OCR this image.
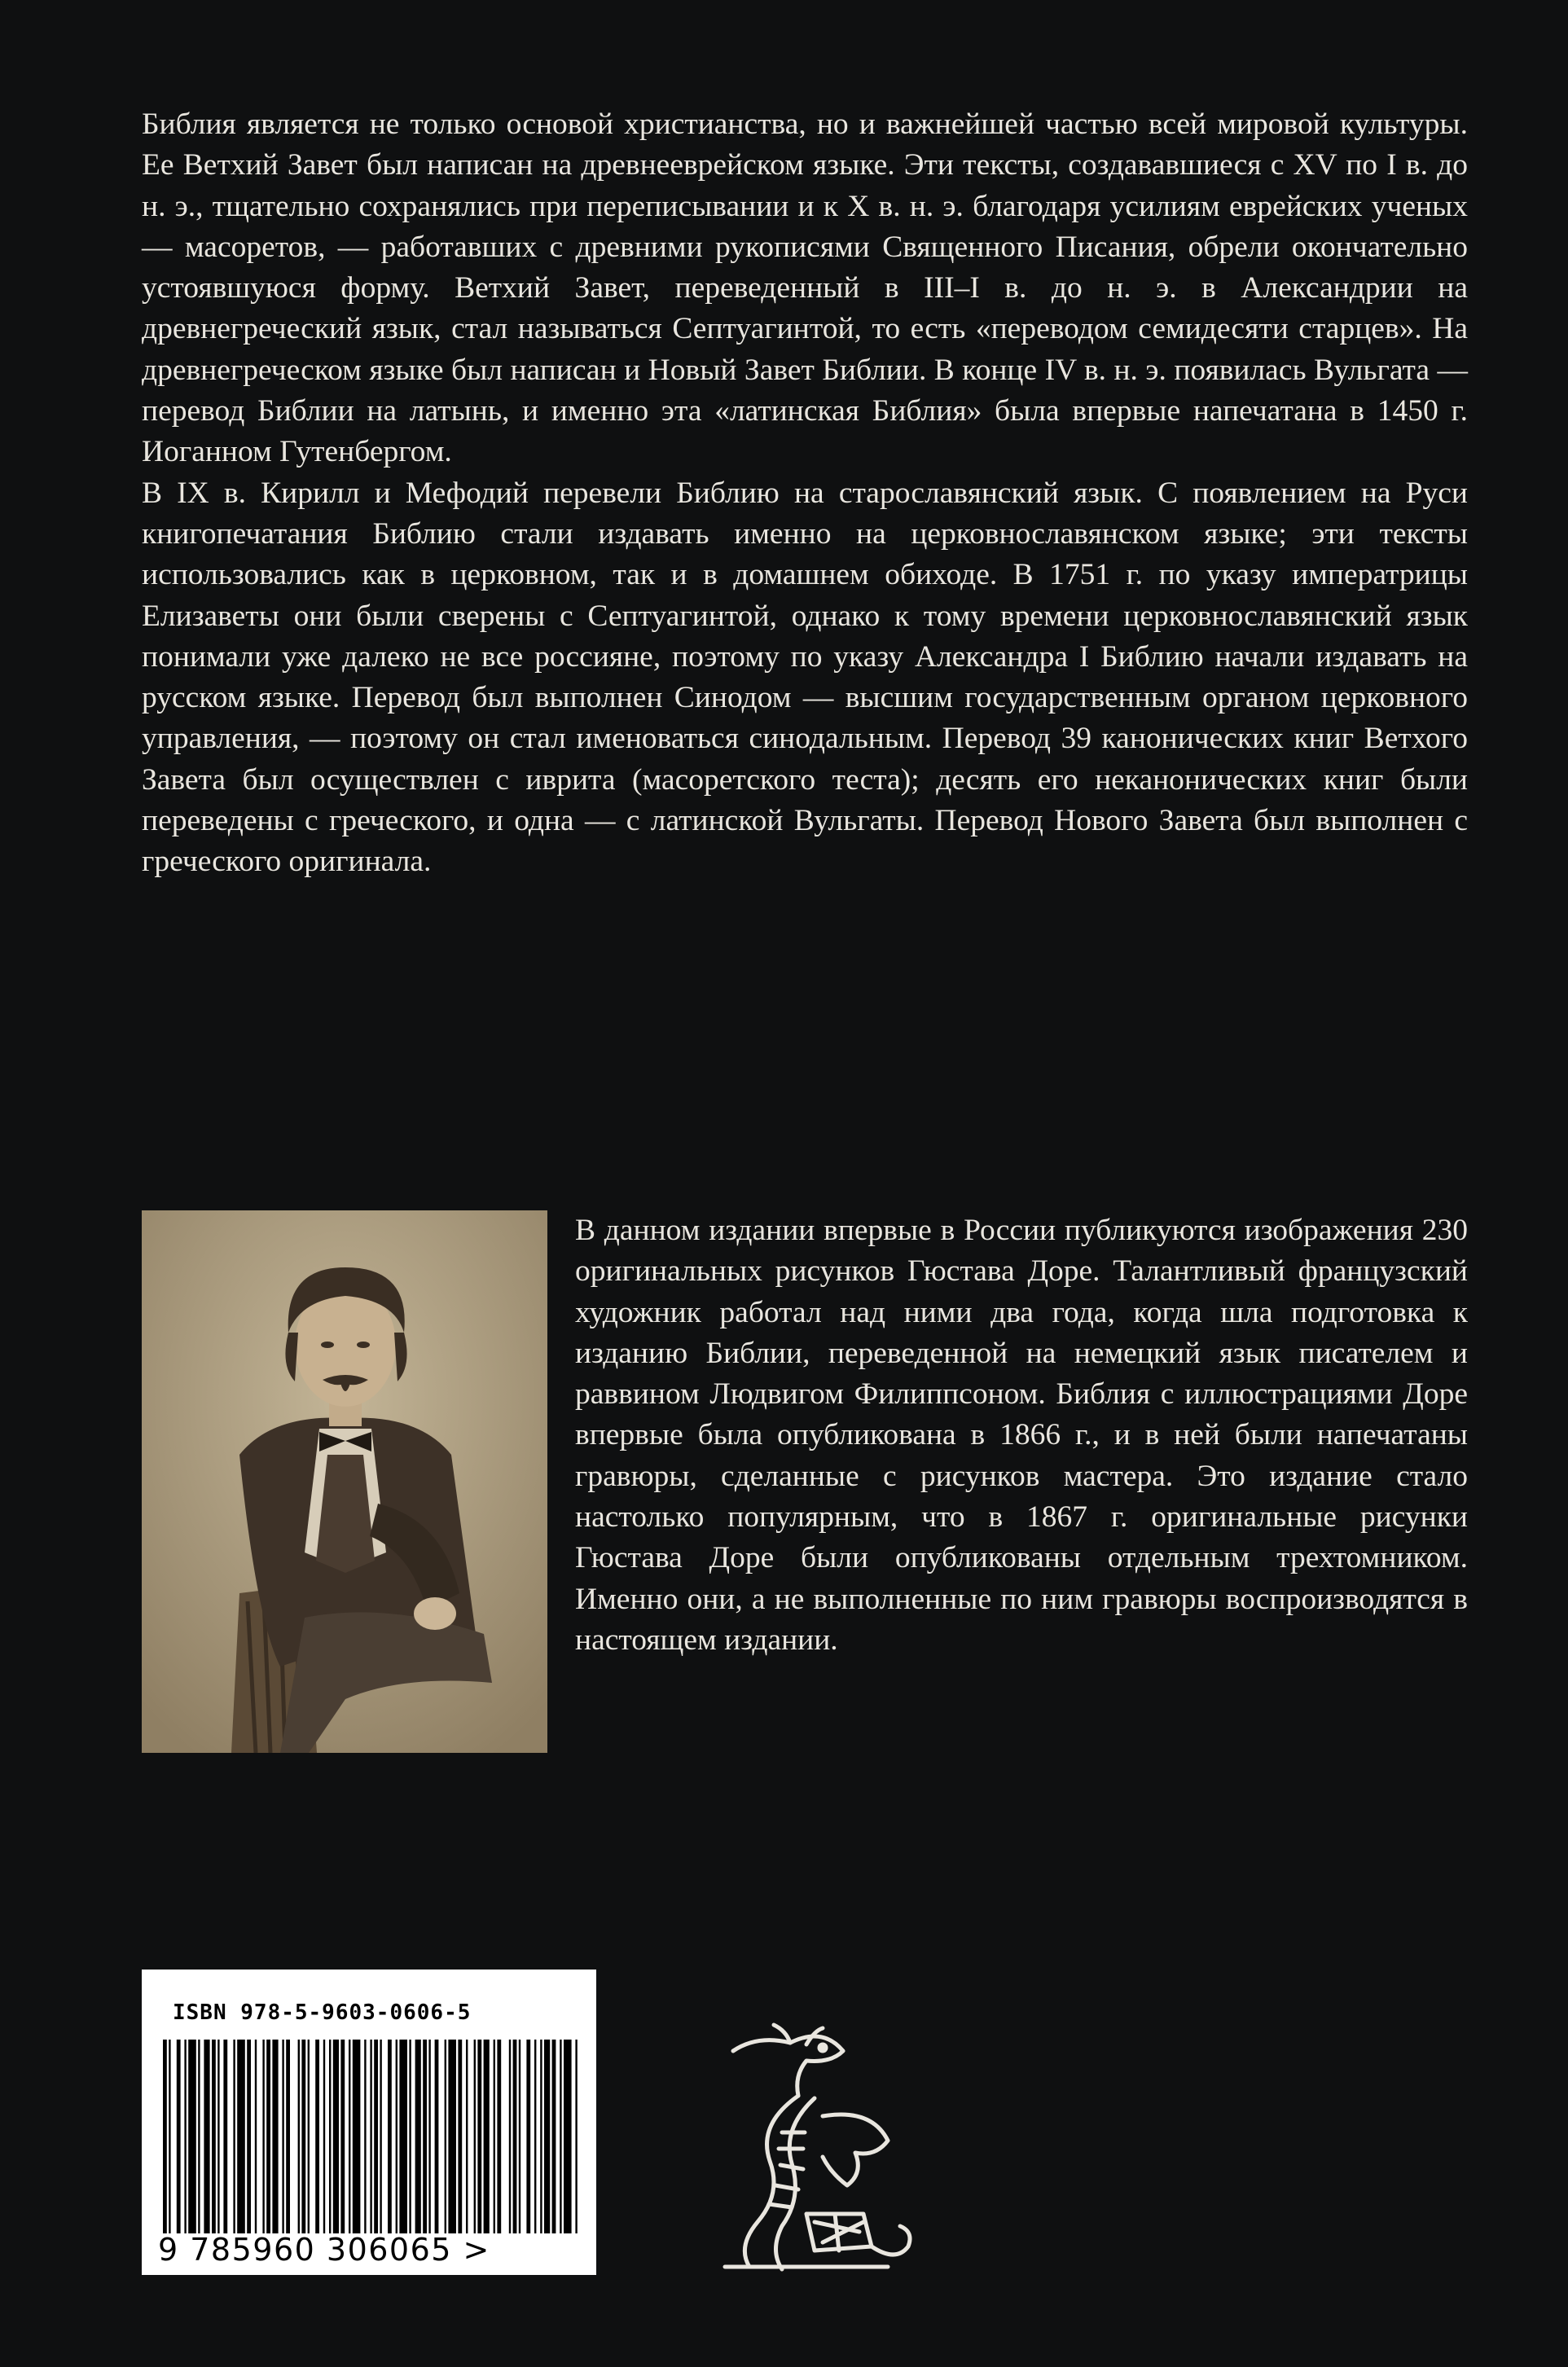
Библия является не только основой христианства, но и важнейшей частью всей мировой культуры. Ее Ветхий Завет был написан на древнееврейском языке. Эти тексты, создававшиеся с XV по I в. до н. э., тщательно сохранялись при переписывании и к X в. н. э. благодаря усилиям еврейских ученых — масоретов, — работавших с древними рукописями Священного Писания, обрели окончательно устоявшуюся форму. Ветхий Завет, переведенный в III–I в. до н. э. в Александрии на древнегреческий язык, стал называться Септуагинтой, то есть «переводом семидесяти старцев». На древнегреческом языке был написан и Новый Завет Библии. В конце IV в. н. э. появилась Вульгата — перевод Библии на латынь, и именно эта «латинская Библия» была впервые напечатана в 1450 г. Иоганном Гутенбергом.

В IX в. Кирилл и Мефодий перевели Библию на старославянский язык. С появлением на Руси книгопечатания Библию стали издавать именно на церковнославянском языке; эти тексты использовались как в церковном, так и в домашнем обиходе. В 1751 г. по указу императрицы Елизаветы они были сверены с Септуагинтой, однако к тому времени церковнославянский язык понимали уже далеко не все россияне, поэтому по указу Александра I Библию начали издавать на русском языке. Перевод был выполнен Синодом — высшим государственным органом церковного управления, — поэтому он стал именоваться синодальным. Перевод 39 канонических книг Ветхого Завета был осуществлен с иврита (масоретского теста); десять его неканонических книг были переведены с греческого, и одна — с латинской Вульгаты. Перевод Нового Завета был выполнен с греческого оригинала.

В данном издании впервые в России публикуются изображения 230 оригинальных рисунков Гюстава Доре. Талантливый французский художник работал над ними два года, когда шла подготовка к изданию Библии, переведенной на немецкий язык писателем и раввином Людвигом Филиппсоном. Библия с иллюстрациями Доре впервые была опубликована в 1866 г., и в ней были напечатаны гравюры, сделанные с рисунков мастера. Это издание стало настолько популярным, что в 1867 г. оригинальные рисунки Гюстава Доре были опубликованы отдельным трехтомником. Именно они, а не выполненные по ним гравюры воспроизводятся в настоящем издании.

ISBN 978-5-9603-0606-5
9 785960 306065 >
